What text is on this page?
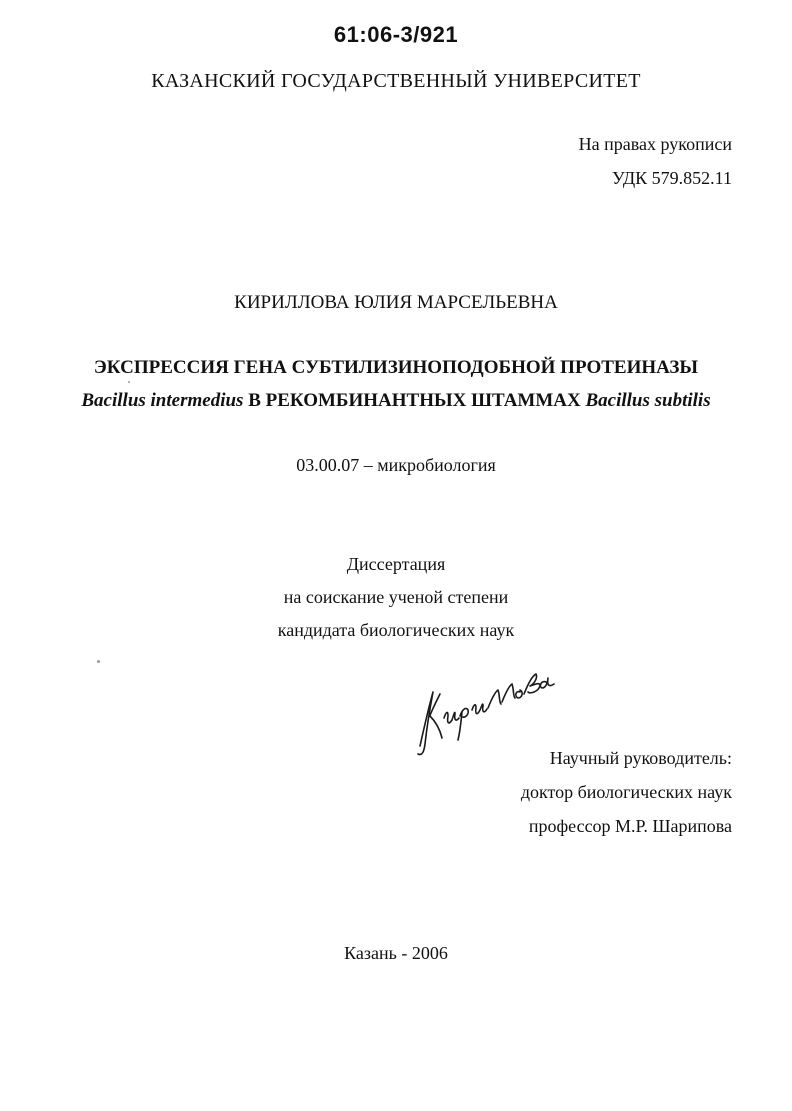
61:06-3/921
КАЗАНСКИЙ ГОСУДАРСТВЕННЫЙ УНИВЕРСИТЕТ
На правах рукописи
УДК 579.852.11
КИРИЛЛОВА ЮЛИЯ МАРСЕЛЬЕВНА
ЭКСПРЕССИЯ ГЕНА СУБТИЛИЗИНОПОДОБНОЙ ПРОТЕИНАЗЫ
Bacillus intermedius В РЕКОМБИНАНТНЫХ ШТАММАХ Bacillus subtilis
03.00.07 – микробиология
Диссертация
на соискание ученой степени
кандидата биологических наук
Научный руководитель:
доктор биологических наук
профессор М.Р. Шарипова
Казань - 2006
